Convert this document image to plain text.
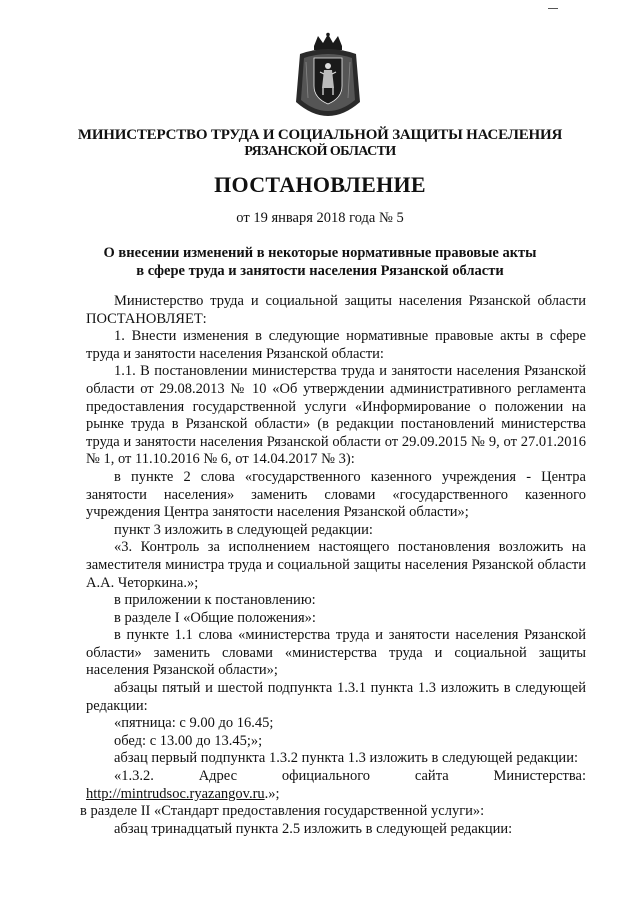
МИНИСТЕРСТВО ТРУДА И СОЦИАЛЬНОЙ ЗАЩИТЫ НАСЕЛЕНИЯ
РЯЗАНСКОЙ ОБЛАСТИ
ПОСТАНОВЛЕНИЕ
от 19 января 2018 года № 5
О внесении изменений в некоторые нормативные правовые акты
в сфере труда и занятости населения Рязанской области

Министерство труда и социальной защиты населения Рязанской области ПОСТАНОВЛЯЕТ:

1. Внести изменения в следующие нормативные правовые акты в сфере труда и занятости населения Рязанской области:

1.1. В постановлении министерства труда и занятости населения Рязанской области от 29.08.2013 № 10 «Об утверждении административного регламента предоставления государственной услуги «Информирование о положении на рынке труда в Рязанской области» (в редакции постановлений министерства труда и занятости населения Рязанской области от 29.09.2015 № 9, от 27.01.2016 № 1, от 11.10.2016 № 6, от 14.04.2017 № 3):

в пункте 2 слова «государственного казенного учреждения - Центра занятости населения» заменить словами «государственного казенного учреждения Центра занятости населения Рязанской области»;

пункт 3 изложить в следующей редакции:

«3. Контроль за исполнением настоящего постановления возложить на заместителя министра труда и социальной защиты населения Рязанской области А.А. Четоркина.»;

в приложении к постановлению:

в разделе I «Общие положения»:

в пункте 1.1 слова «министерства труда и занятости населения Рязанской области» заменить словами «министерства труда и социальной защиты населения Рязанской области»;

абзацы пятый и шестой подпункта 1.3.1 пункта 1.3 изложить в следующей редакции:

«пятница: с 9.00 до 16.45;

обед: с 13.00 до 13.45;»;

абзац первый подпункта 1.3.2 пункта 1.3 изложить в следующей редакции:

«1.3.2. Адрес официального сайта Министерства:

http://mintrudsoc.ryazangov.ru.»;

в разделе II «Стандарт предоставления государственной услуги»:

абзац тринадцатый пункта 2.5 изложить в следующей редакции:
